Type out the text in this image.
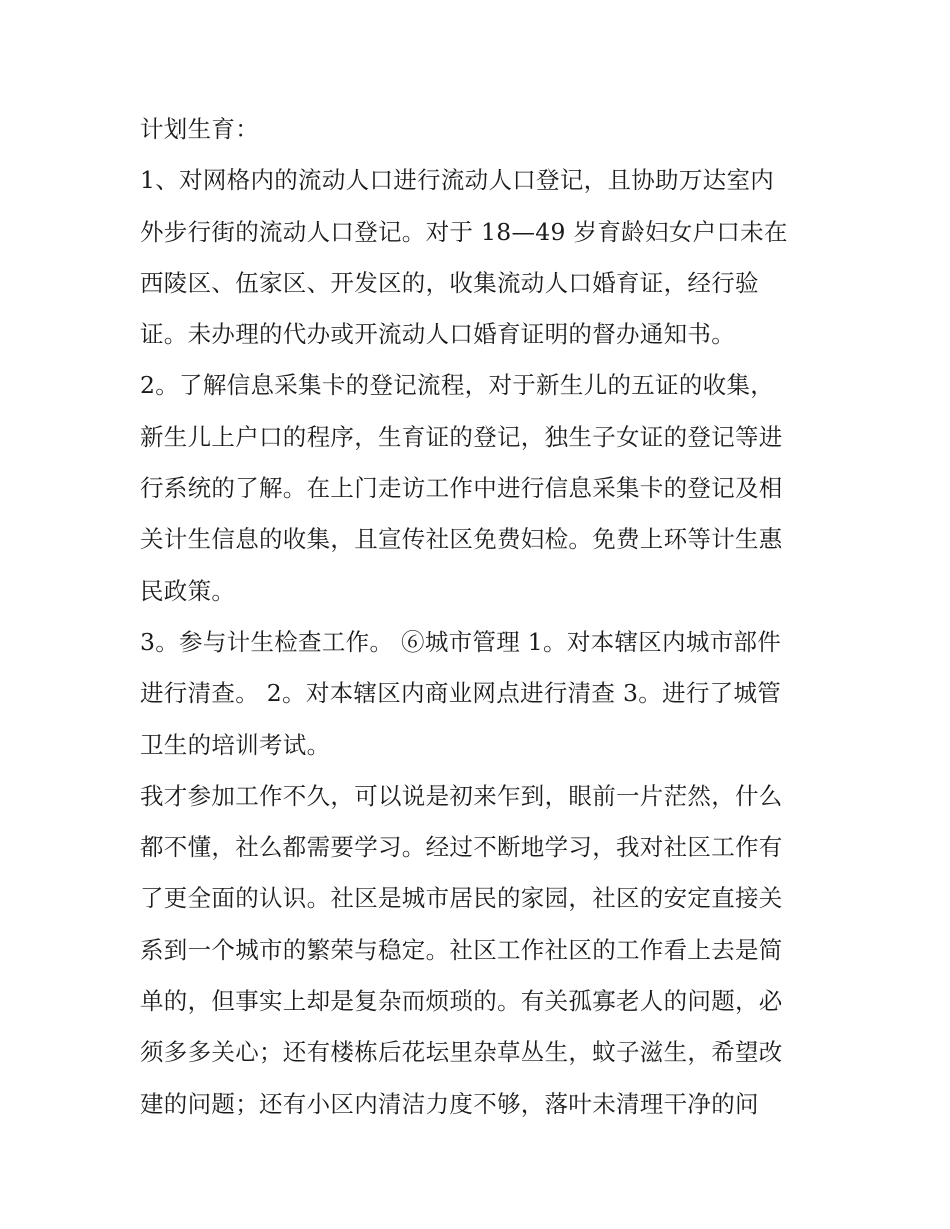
计划生育：
1、对网格内的流动人口进行流动人口登记，且协助万达室内
外步行街的流动人口登记。对于 18—49 岁育龄妇女户口未在
西陵区、伍家区、开发区的，收集流动人口婚育证，经行验
证。未办理的代办或开流动人口婚育证明的督办通知书。
2。了解信息采集卡的登记流程，对于新生儿的五证的收集，
新生儿上户口的程序，生育证的登记，独生子女证的登记等进
行系统的了解。在上门走访工作中进行信息采集卡的登记及相
关计生信息的收集，且宣传社区免费妇检。免费上环等计生惠
民政策。
3。参与计生检查工作。 ⑥城市管理 1。对本辖区内城市部件
进行清查。 2。对本辖区内商业网点进行清查 3。进行了城管
卫生的培训考试。
我才参加工作不久，可以说是初来乍到，眼前一片茫然，什么
都不懂，社么都需要学习。经过不断地学习，我对社区工作有
了更全面的认识。社区是城市居民的家园，社区的安定直接关
系到一个城市的繁荣与稳定。社区工作社区的工作看上去是简
单的，但事实上却是复杂而烦琐的。有关孤寡老人的问题，必
须多多关心；还有楼栋后花坛里杂草丛生，蚊子滋生，希望改
建的问题；还有小区内清洁力度不够，落叶未清理干净的问
